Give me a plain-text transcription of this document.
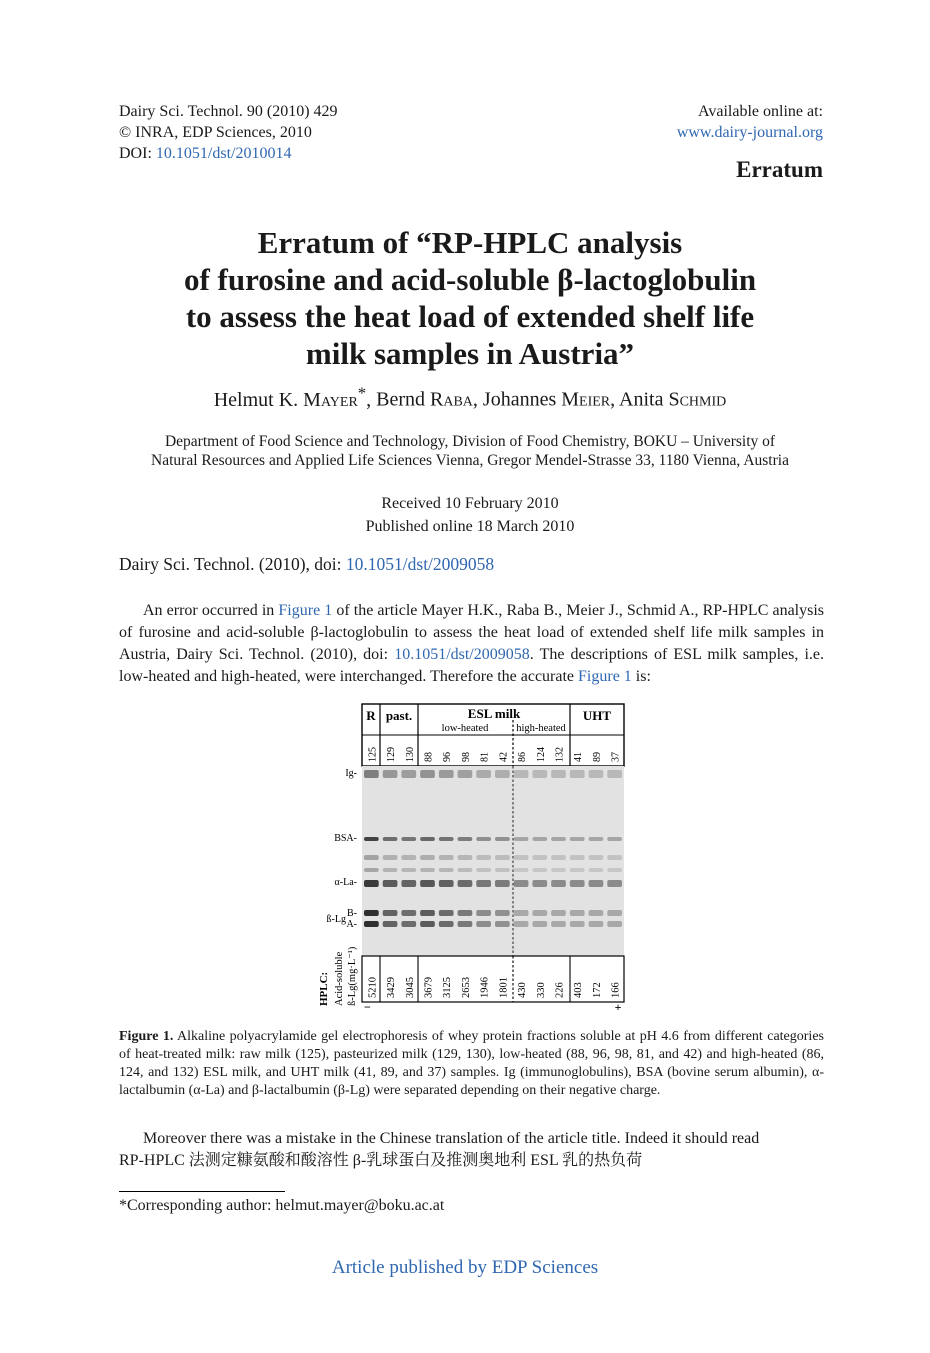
Dairy Sci. Technol. 90 (2010) 429
© INRA, EDP Sciences, 2010
DOI: 10.1051/dst/2010014
Available online at:
www.dairy-journal.org
Erratum
Erratum of “RP-HPLC analysis
of furosine and acid-soluble β-lactoglobulin
to assess the heat load of extended shelf life
milk samples in Austria”
Helmut K. Mayer*, Bernd Raba, Johannes Meier, Anita Schmid
Department of Food Science and Technology, Division of Food Chemistry, BOKU – University of
Natural Resources and Applied Life Sciences Vienna, Gregor Mendel-Strasse 33, 1180 Vienna, Austria
Received 10 February 2010
Published online 18 March 2010
Dairy Sci. Technol. (2010), doi: 10.1051/dst/2009058
An error occurred in Figure 1 of the article Mayer H.K., Raba B., Meier J., Schmid A., RP-HPLC analysis of furosine and acid-soluble β-lactoglobulin to assess the heat load of extended shelf life milk samples in Austria, Dairy Sci. Technol. (2010), doi: 10.1051/dst/2009058. The descriptions of ESL milk samples, i.e. low-heated and high-heated, were interchanged. Therefore the accurate Figure 1 is:
R past.	ESL milk	UHT
low-heated	high-heated
125 129 130 88 96 98 81 42 86 124 132 41 89 37
Ig-
BSA-
α-La-
ß-Lg
B-
A-
5210 3429 3045 3679 3125 2653 1946 1801 430 330 226 403 172 166
HPLC: Acid-soluble ß-Lg(mg·L⁻¹)
−	+
Figure 1. Alkaline polyacrylamide gel electrophoresis of whey protein fractions soluble at pH 4.6 from different categories of heat-treated milk: raw milk (125), pasteurized milk (129, 130), low-heated (88, 96, 98, 81, and 42) and high-heated (86, 124, and 132) ESL milk, and UHT milk (41, 89, and 37) samples. Ig (immunoglobulins), BSA (bovine serum albumin), α-lactalbumin (α-La) and β-lactalbumin (β-Lg) were separated depending on their negative charge.
Moreover there was a mistake in the Chinese translation of the article title. Indeed it should read
RP-HPLC 法测定糠氨酸和酸溶性 β-乳球蛋白及推测奥地利 ESL 乳的热负荷
*Corresponding author: helmut.mayer@boku.ac.at
Article published by EDP Sciences
